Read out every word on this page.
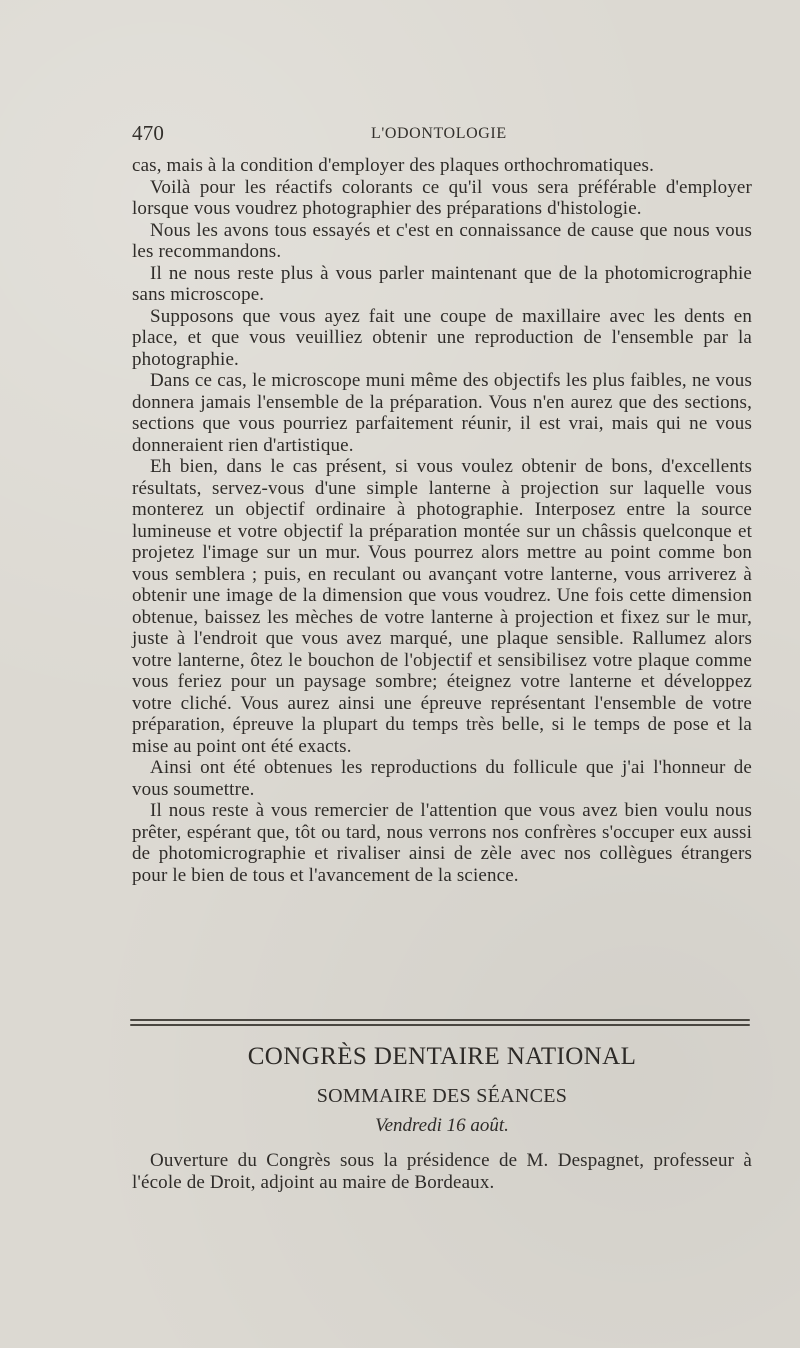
470	L'ODONTOLOGIE

cas, mais à la condition d'employer des plaques orthochromatiques.

Voilà pour les réactifs colorants ce qu'il vous sera préférable d'employer lorsque vous voudrez photographier des préparations d'histologie.

Nous les avons tous essayés et c'est en connaissance de cause que nous vous les recommandons.

Il ne nous reste plus à vous parler maintenant que de la photomicrographie sans microscope.

Supposons que vous ayez fait une coupe de maxillaire avec les dents en place, et que vous veuilliez obtenir une reproduction de l'ensemble par la photographie.

Dans ce cas, le microscope muni même des objectifs les plus faibles, ne vous donnera jamais l'ensemble de la préparation. Vous n'en aurez que des sections, sections que vous pourriez parfaitement réunir, il est vrai, mais qui ne vous donneraient rien d'artistique.

Eh bien, dans le cas présent, si vous voulez obtenir de bons, d'excellents résultats, servez-vous d'une simple lanterne à projection sur laquelle vous monterez un objectif ordinaire à photographie. Interposez entre la source lumineuse et votre objectif la préparation montée sur un châssis quelconque et projetez l'image sur un mur. Vous pourrez alors mettre au point comme bon vous semblera ; puis, en reculant ou avançant votre lanterne, vous arriverez à obtenir une image de la dimension que vous voudrez. Une fois cette dimension obtenue, baissez les mèches de votre lanterne à projection et fixez sur le mur, juste à l'endroit que vous avez marqué, une plaque sensible. Rallumez alors votre lanterne, ôtez le bouchon de l'objectif et sensibilisez votre plaque comme vous feriez pour un paysage sombre; éteignez votre lanterne et développez votre cliché. Vous aurez ainsi une épreuve représentant l'ensemble de votre préparation, épreuve la plupart du temps très belle, si le temps de pose et la mise au point ont été exacts.

Ainsi ont été obtenues les reproductions du follicule que j'ai l'honneur de vous soumettre.

Il nous reste à vous remercier de l'attention que vous avez bien voulu nous prêter, espérant que, tôt ou tard, nous verrons nos confrères s'occuper eux aussi de photomicrographie et rivaliser ainsi de zèle avec nos collègues étrangers pour le bien de tous et l'avancement de la science.

CONGRÈS DENTAIRE NATIONAL
SOMMAIRE DES SÉANCES
Vendredi 16 août.

Ouverture du Congrès sous la présidence de M. Despagnet, professeur à l'école de Droit, adjoint au maire de Bordeaux.
